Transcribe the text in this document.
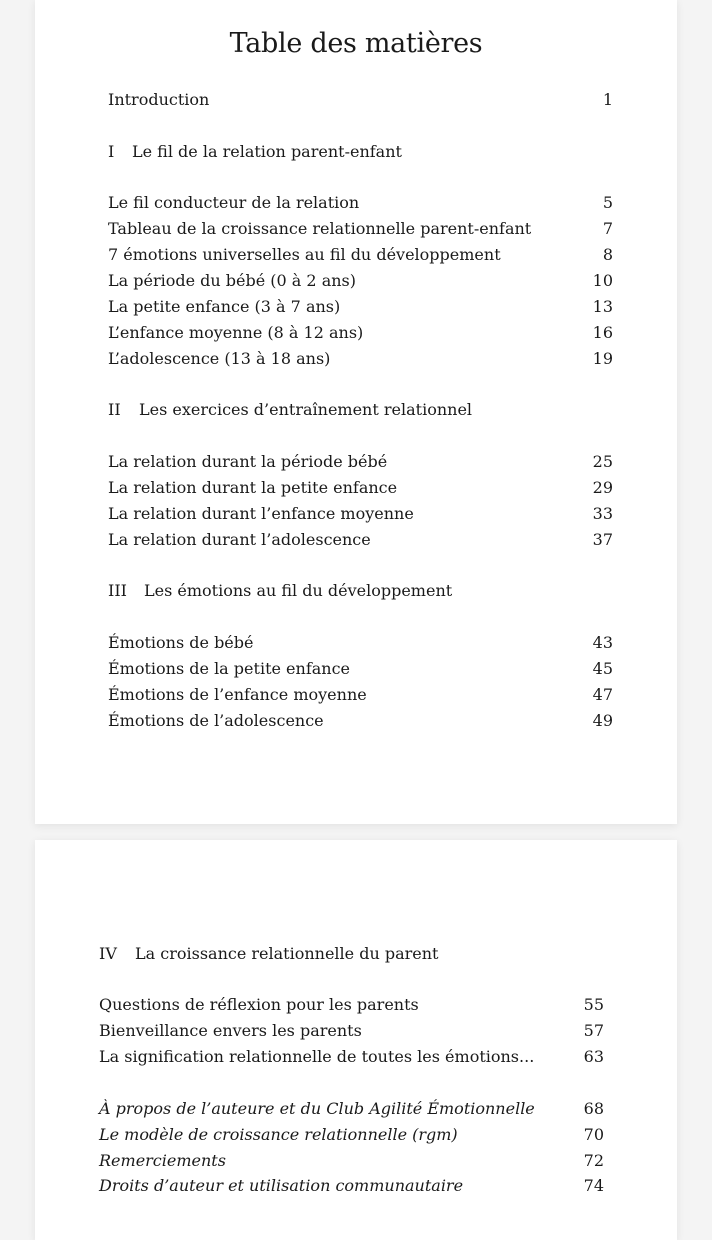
Table des matières
Introduction	1
I Le fil de la relation parent-enfant
Le fil conducteur de la relation	5
Tableau de la croissance relationnelle parent-enfant	7
7 émotions universelles au fil du développement	8
La période du bébé (0 à 2 ans)	10
La petite enfance (3 à 7 ans)	13
L’enfance moyenne (8 à 12 ans)	16
L’adolescence (13 à 18 ans)	19
II Les exercices d’entraînement relationnel
La relation durant la période bébé	25
La relation durant la petite enfance	29
La relation durant l’enfance moyenne	33
La relation durant l’adolescence	37
III Les émotions au fil du développement
Émotions de bébé	43
Émotions de la petite enfance	45
Émotions de l’enfance moyenne	47
Émotions de l’adolescence	49
IV La croissance relationnelle du parent
Questions de réflexion pour les parents	55
Bienveillance envers les parents	57
La signification relationnelle de toutes les émotions...	63
À propos de l’auteure et du Club Agilité Émotionnelle	68
Le modèle de croissance relationnelle (rgm)	70
Remerciements	72
Droits d’auteur et utilisation communautaire	74
